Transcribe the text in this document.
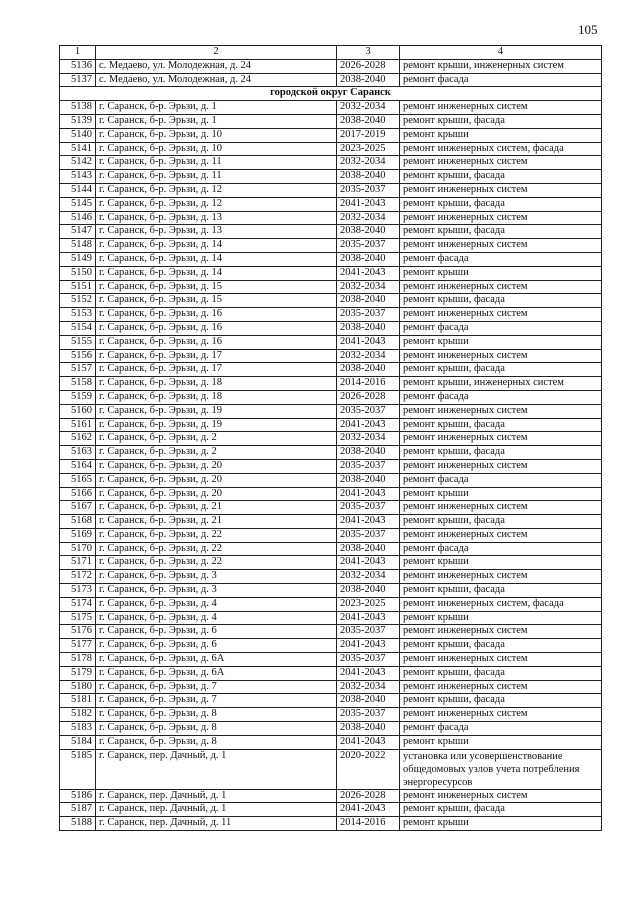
105
1	2	3	4
5136	с. Медаево, ул. Молодежная, д. 24	2026-2028	ремонт крыши, инженерных систем
5137	с. Медаево, ул. Молодежная, д. 24	2038-2040	ремонт фасада
городской округ Саранск			
5138	г. Саранск, б-р. Эрьзи, д. 1	2032-2034	ремонт инженерных систем
5139	г. Саранск, б-р. Эрьзи, д. 1	2038-2040	ремонт крыши, фасада
5140	г. Саранск, б-р. Эрьзи, д. 10	2017-2019	ремонт крыши
5141	г. Саранск, б-р. Эрьзи, д. 10	2023-2025	ремонт инженерных систем, фасада
5142	г. Саранск, б-р. Эрьзи, д. 11	2032-2034	ремонт инженерных систем
5143	г. Саранск, б-р. Эрьзи, д. 11	2038-2040	ремонт крыши, фасада
5144	г. Саранск, б-р. Эрьзи, д. 12	2035-2037	ремонт инженерных систем
5145	г. Саранск, б-р. Эрьзи, д. 12	2041-2043	ремонт крыши, фасада
5146	г. Саранск, б-р. Эрьзи, д. 13	2032-2034	ремонт инженерных систем
5147	г. Саранск, б-р. Эрьзи, д. 13	2038-2040	ремонт крыши, фасада
5148	г. Саранск, б-р. Эрьзи, д. 14	2035-2037	ремонт инженерных систем
5149	г. Саранск, б-р. Эрьзи, д. 14	2038-2040	ремонт фасада
5150	г. Саранск, б-р. Эрьзи, д. 14	2041-2043	ремонт крыши
5151	г. Саранск, б-р. Эрьзи, д. 15	2032-2034	ремонт инженерных систем
5152	г. Саранск, б-р. Эрьзи, д. 15	2038-2040	ремонт крыши, фасада
5153	г. Саранск, б-р. Эрьзи, д. 16	2035-2037	ремонт инженерных систем
5154	г. Саранск, б-р. Эрьзи, д. 16	2038-2040	ремонт фасада
5155	г. Саранск, б-р. Эрьзи, д. 16	2041-2043	ремонт крыши
5156	г. Саранск, б-р. Эрьзи, д. 17	2032-2034	ремонт инженерных систем
5157	г. Саранск, б-р. Эрьзи, д. 17	2038-2040	ремонт крыши, фасада
5158	г. Саранск, б-р. Эрьзи, д. 18	2014-2016	ремонт крыши, инженерных систем
5159	г. Саранск, б-р. Эрьзи, д. 18	2026-2028	ремонт фасада
5160	г. Саранск, б-р. Эрьзи, д. 19	2035-2037	ремонт инженерных систем
5161	г. Саранск, б-р. Эрьзи, д. 19	2041-2043	ремонт крыши, фасада
5162	г. Саранск, б-р. Эрьзи, д. 2	2032-2034	ремонт инженерных систем
5163	г. Саранск, б-р. Эрьзи, д. 2	2038-2040	ремонт крыши, фасада
5164	г. Саранск, б-р. Эрьзи, д. 20	2035-2037	ремонт инженерных систем
5165	г. Саранск, б-р. Эрьзи, д. 20	2038-2040	ремонт фасада
5166	г. Саранск, б-р. Эрьзи, д. 20	2041-2043	ремонт крыши
5167	г. Саранск, б-р. Эрьзи, д. 21	2035-2037	ремонт инженерных систем
5168	г. Саранск, б-р. Эрьзи, д. 21	2041-2043	ремонт крыши, фасада
5169	г. Саранск, б-р. Эрьзи, д. 22	2035-2037	ремонт инженерных систем
5170	г. Саранск, б-р. Эрьзи, д. 22	2038-2040	ремонт фасада
5171	г. Саранск, б-р. Эрьзи, д. 22	2041-2043	ремонт крыши
5172	г. Саранск, б-р. Эрьзи, д. 3	2032-2034	ремонт инженерных систем
5173	г. Саранск, б-р. Эрьзи, д. 3	2038-2040	ремонт крыши, фасада
5174	г. Саранск, б-р. Эрьзи, д. 4	2023-2025	ремонт инженерных систем, фасада
5175	г. Саранск, б-р. Эрьзи, д. 4	2041-2043	ремонт крыши
5176	г. Саранск, б-р. Эрьзи, д. 6	2035-2037	ремонт инженерных систем
5177	г. Саранск, б-р. Эрьзи, д. 6	2041-2043	ремонт крыши, фасада
5178	г. Саранск, б-р. Эрьзи, д. 6А	2035-2037	ремонт инженерных систем
5179	г. Саранск, б-р. Эрьзи, д. 6А	2041-2043	ремонт крыши, фасада
5180	г. Саранск, б-р. Эрьзи, д. 7	2032-2034	ремонт инженерных систем
5181	г. Саранск, б-р. Эрьзи, д. 7	2038-2040	ремонт крыши, фасада
5182	г. Саранск, б-р. Эрьзи, д. 8	2035-2037	ремонт инженерных систем
5183	г. Саранск, б-р. Эрьзи, д. 8	2038-2040	ремонт фасада
5184	г. Саранск, б-р. Эрьзи, д. 8	2041-2043	ремонт крыши
5185	г. Саранск, пер. Дачный, д. 1	2020-2022	установка или усовершенствование общедомовых узлов учета потребления энергоресурсов
5186	г. Саранск, пер. Дачный, д. 1	2026-2028	ремонт инженерных систем
5187	г. Саранск, пер. Дачный, д. 1	2041-2043	ремонт крыши, фасада
5188	г. Саранск, пер. Дачный, д. 11	2014-2016	ремонт крыши
